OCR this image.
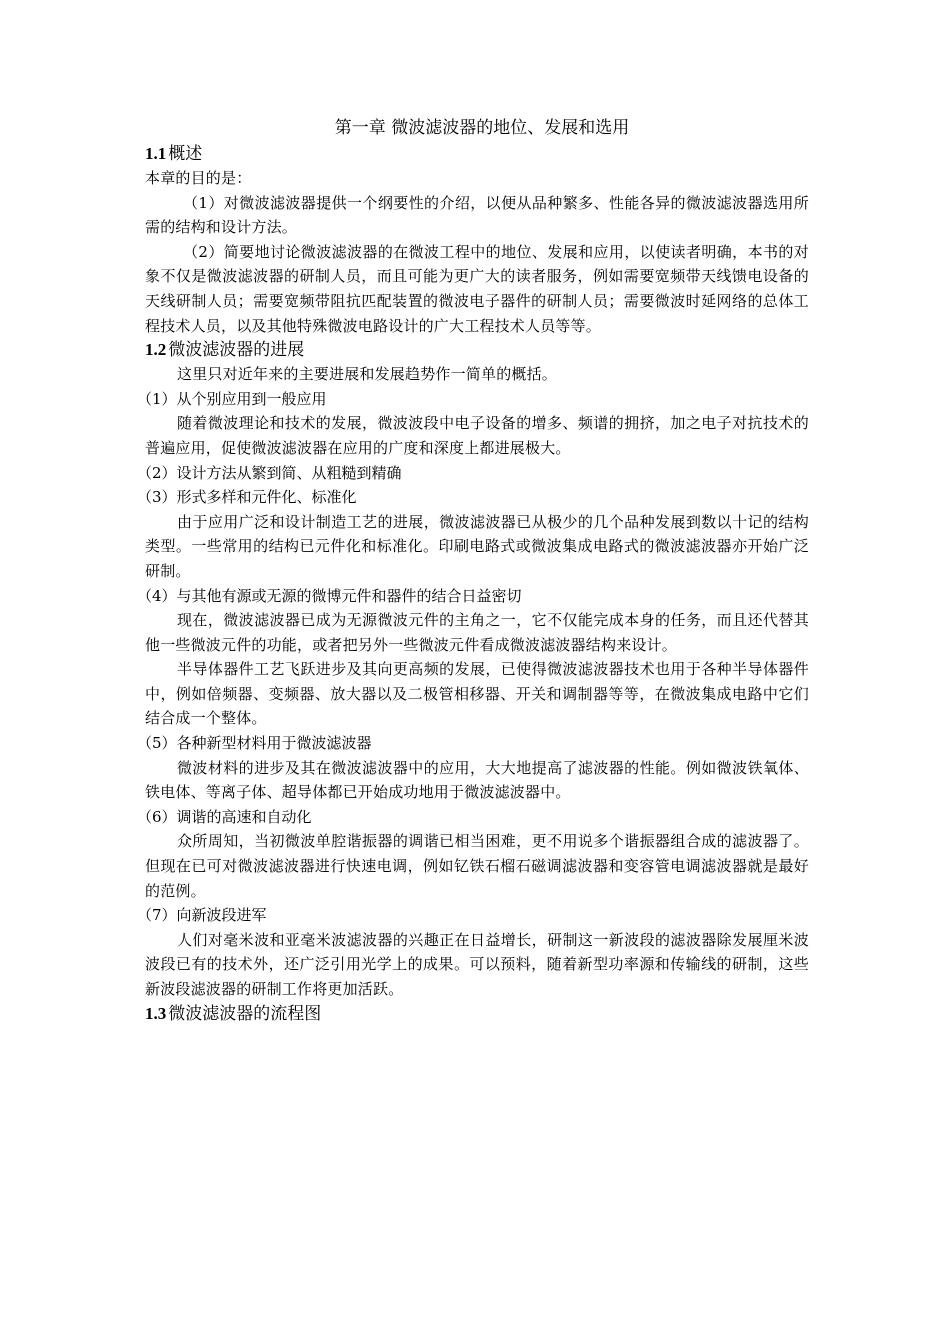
第一章 微波滤波器的地位、发展和选用

1.1 概述

本章的目的是：

（1）对微波滤波器提供一个纲要性的介绍，以便从品种繁多、性能各异的微波滤波器选用所需的结构和设计方法。

（2）简要地讨论微波滤波器的在微波工程中的地位、发展和应用，以使读者明确，本书的对象不仅是微波滤波器的研制人员，而且可能为更广大的读者服务，例如需要宽频带天线馈电设备的天线研制人员；需要宽频带阻抗匹配装置的微波电子器件的研制人员；需要微波时延网络的总体工程技术人员，以及其他特殊微波电路设计的广大工程技术人员等等。

1.2 微波滤波器的进展

这里只对近年来的主要进展和发展趋势作一简单的概括。

（1）从个别应用到一般应用

随着微波理论和技术的发展，微波波段中电子设备的增多、频谱的拥挤，加之电子对抗技术的普遍应用，促使微波滤波器在应用的广度和深度上都进展极大。

（2）设计方法从繁到简、从粗糙到精确

（3）形式多样和元件化、标准化

由于应用广泛和设计制造工艺的进展，微波滤波器已从极少的几个品种发展到数以十记的结构类型。一些常用的结构已元件化和标准化。印刷电路式或微波集成电路式的微波滤波器亦开始广泛研制。

（4）与其他有源或无源的微博元件和器件的结合日益密切

现在，微波滤波器已成为无源微波元件的主角之一，它不仅能完成本身的任务，而且还代替其他一些微波元件的功能，或者把另外一些微波元件看成微波滤波器结构来设计。

半导体器件工艺飞跃进步及其向更高频的发展，已使得微波滤波器技术也用于各种半导体器件中，例如倍频器、变频器、放大器以及二极管相移器、开关和调制器等等，在微波集成电路中它们结合成一个整体。

（5）各种新型材料用于微波滤波器

微波材料的进步及其在微波滤波器中的应用，大大地提高了滤波器的性能。例如微波铁氧体、铁电体、等离子体、超导体都已开始成功地用于微波滤波器中。

（6）调谐的高速和自动化

众所周知，当初微波单腔谐振器的调谐已相当困难，更不用说多个谐振器组合成的滤波器了。但现在已可对微波滤波器进行快速电调，例如钇铁石榴石磁调滤波器和变容管电调滤波器就是最好的范例。

（7）向新波段进军

人们对毫米波和亚毫米波滤波器的兴趣正在日益增长，研制这一新波段的滤波器除发展厘米波波段已有的技术外，还广泛引用光学上的成果。可以预料，随着新型功率源和传输线的研制，这些新波段滤波器的研制工作将更加活跃。

1.3 微波滤波器的流程图
